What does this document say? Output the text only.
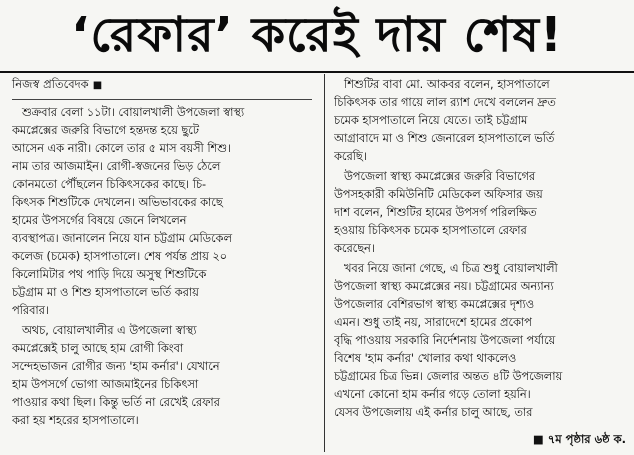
‘রেফার’ করেই দায় শেষ!
নিজস্ব প্রতিবেদক ■
শুক্রবার বেলা ১১টা। বোয়ালখালী উপজেলা স্বাস্থ্য
কমপ্লেক্সের জরুরি বিভাগে হন্তদন্ত হয়ে ছুটে
আসেন এক নারী। কোলে তার ৫ মাস বয়সী শিশু।
নাম তার আজমাইন। রোগী-স্বজনের ভিড় ঠেলে
কোনমতো পৌঁছলেন চিকিৎসকের কাছে। চি-
কিৎসক শিশুটিকে দেখলেন। অভিভাবকের কাছে
হামের উপসর্গের বিষয়ে জেনে লিখলেন
ব্যবস্থাপত্র। জানালেন নিয়ে যান চট্টগ্রাম মেডিকেল
কলেজ (চমেক) হাসপাতালে। শেষ পর্যন্ত প্রায় ২০
কিলোমিটার পথ পাড়ি দিয়ে অসুস্থ শিশুটিকে
চট্টগ্রাম মা ও শিশু হাসপাতালে ভর্তি করায়
পরিবার।
অথচ, বোয়ালখালীর এ উপজেলা স্বাস্থ্য
কমপ্লেক্সেই চালু আছে হাম রোগী কিংবা
সন্দেহভাজন রোগীর জন্য 'হাম কর্নার'। যেখানে
হাম উপসর্গে ভোগা আজমাইনের চিকিৎসা
পাওয়ার কথা ছিল। কিন্তু ভর্তি না রেখেই রেফার
করা হয় শহরের হাসপাতালে।
শিশুটির বাবা মো. আকবর বলেন, হাসপাতালে
চিকিৎসক তার গায়ে লাল র‍্যাশ দেখে বললেন দ্রুত
চমেক হাসপাতালে নিয়ে যেতে। তাই চট্টগ্রাম
আগ্রাবাদে মা ও শিশু জেনারেল হাসপাতালে ভর্তি
করেছি।
উপজেলা স্বাস্থ্য কমপ্লেক্সের জরুরি বিভাগের
উপসহকারী কমিউনিটি মেডিকেল অফিসার জয়
দাশ বলেন, শিশুটির হামের উপসর্গ পরিলক্ষিত
হওয়ায় চিকিৎসক চমেক হাসপাতালে রেফার
করেছেন।
খবর নিয়ে জানা গেছে, এ চিত্র শুধু বোয়ালখালী
উপজেলা স্বাস্থ্য কমপ্লেক্সের নয়। চট্টগ্রামের অন্যান্য
উপজেলার বেশিরভাগ স্বাস্থ্য কমপ্লেক্সের দৃশ্যও
এমন। শুধু তাই নয়, সারাদেশে হামের প্রকোপ
বৃদ্ধি পাওয়ায় সরকারি নির্দেশনায় উপজেলা পর্যায়ে
বিশেষ 'হাম কর্নার' খোলার কথা থাকলেও
চট্টগ্রামের চিত্র ভিন্ন। জেলার অন্তত ৪টি উপজেলায়
এখনো কোনো হাম কর্নার গড়ে তোলা হয়নি।
যেসব উপজেলায় এই কর্নার চালু আছে, তার
■ ৭ম পৃষ্ঠার ৬ষ্ঠ ক.
